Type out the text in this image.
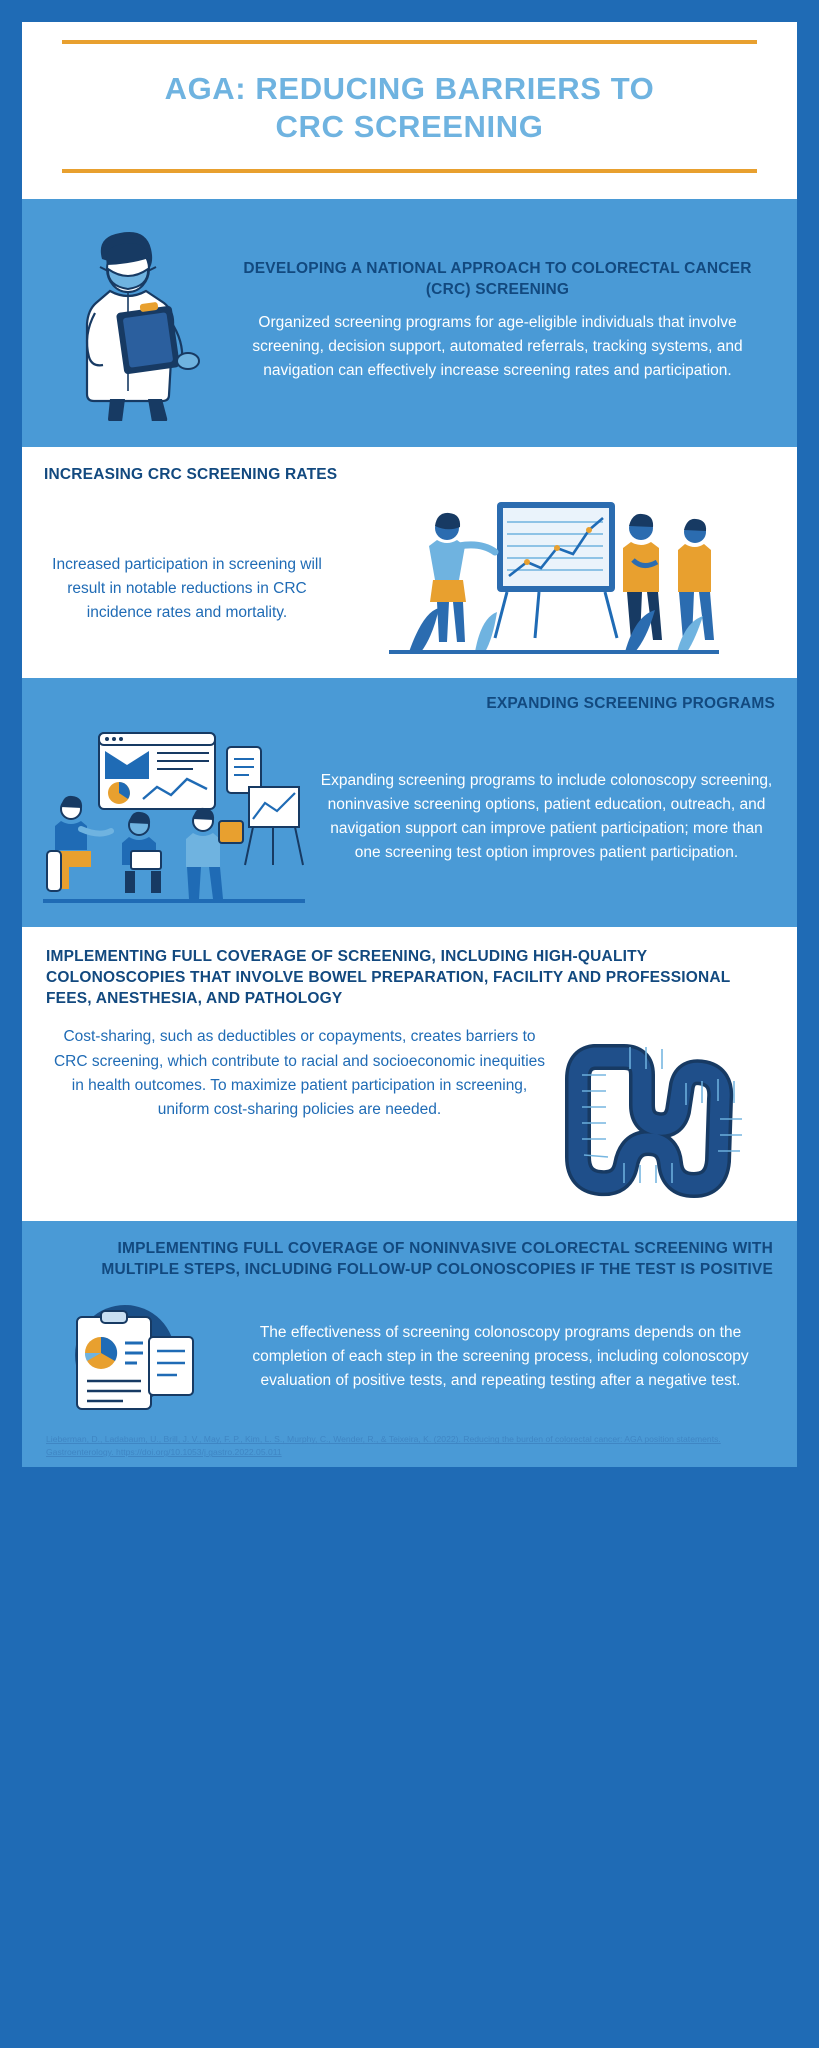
AGA: REDUCING BARRIERS TO
CRC SCREENING
DEVELOPING A NATIONAL APPROACH TO COLORECTAL CANCER (CRC) SCREENING

Organized screening programs for age-eligible individuals that involve screening, decision support, automated referrals, tracking systems, and navigation can effectively increase screening rates and participation.

INCREASING CRC SCREENING RATES

Increased participation in screening will result in notable reductions in CRC incidence rates and mortality.

EXPANDING SCREENING PROGRAMS

Expanding screening programs to include colonoscopy screening, noninvasive screening options, patient education, outreach, and navigation support can improve patient participation; more than one screening test option improves patient participation.

IMPLEMENTING FULL COVERAGE OF SCREENING, INCLUDING HIGH-QUALITY COLONOSCOPIES THAT INVOLVE BOWEL PREPARATION, FACILITY AND PROFESSIONAL FEES, ANESTHESIA, AND PATHOLOGY

Cost-sharing, such as deductibles or copayments, creates barriers to CRC screening, which contribute to racial and socioeconomic inequities in health outcomes. To maximize patient participation in screening, uniform cost-sharing policies are needed.

IMPLEMENTING FULL COVERAGE OF NONINVASIVE COLORECTAL SCREENING WITH MULTIPLE STEPS, INCLUDING FOLLOW-UP COLONOSCOPIES IF THE TEST IS POSITIVE

The effectiveness of screening colonoscopy programs depends on the completion of each step in the screening process, including colonoscopy evaluation of positive tests, and repeating testing after a negative test.

Lieberman, D., Ladabaum, U., Brill, J. V., May, F. P., Kim, L. S., Murphy, C., Wender, R., & Teixeira, K. (2022). Reducing the burden of colorectal cancer: AGA position statements. Gastroenterology. https://doi.org/10.1053/j.gastro.2022.05.011
